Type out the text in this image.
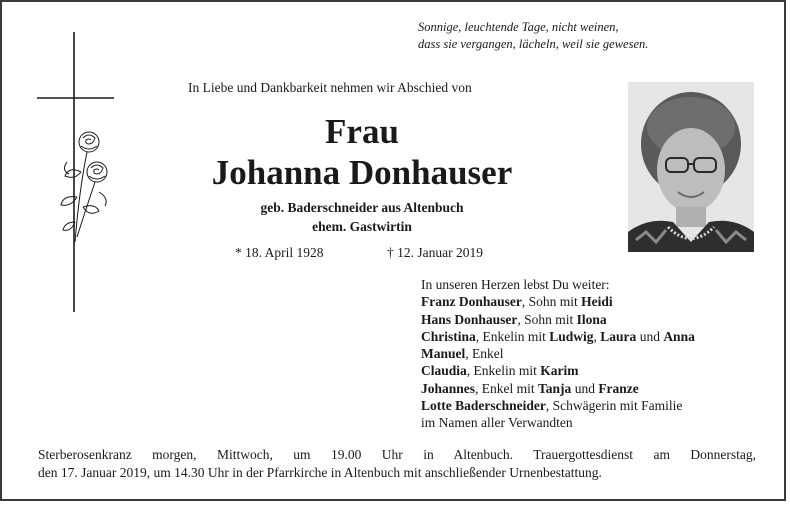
Sonnige, leuchtende Tage, nicht weinen,
dass sie vergangen, lächeln, weil sie gewesen.
In Liebe und Dankbarkeit nehmen wir Abschied von
Frau
Johanna Donhauser
geb. Baderschneider aus Altenbuch
ehem. Gastwirtin
* 18. April 1928	† 12. Januar 2019
In unseren Herzen lebst Du weiter:
Franz Donhauser, Sohn mit Heidi
Hans Donhauser, Sohn mit Ilona
Christina, Enkelin mit Ludwig, Laura und Anna
Manuel, Enkel
Claudia, Enkelin mit Karim
Johannes, Enkel mit Tanja und Franze
Lotte Baderschneider, Schwägerin mit Familie
im Namen aller Verwandten
Sterberosenkranz morgen, Mittwoch, um 19.00 Uhr in Altenbuch. Trauergottesdienst am Donnerstag,
den 17. Januar 2019, um 14.30 Uhr in der Pfarrkirche in Altenbuch mit anschließender Urnenbestattung.
